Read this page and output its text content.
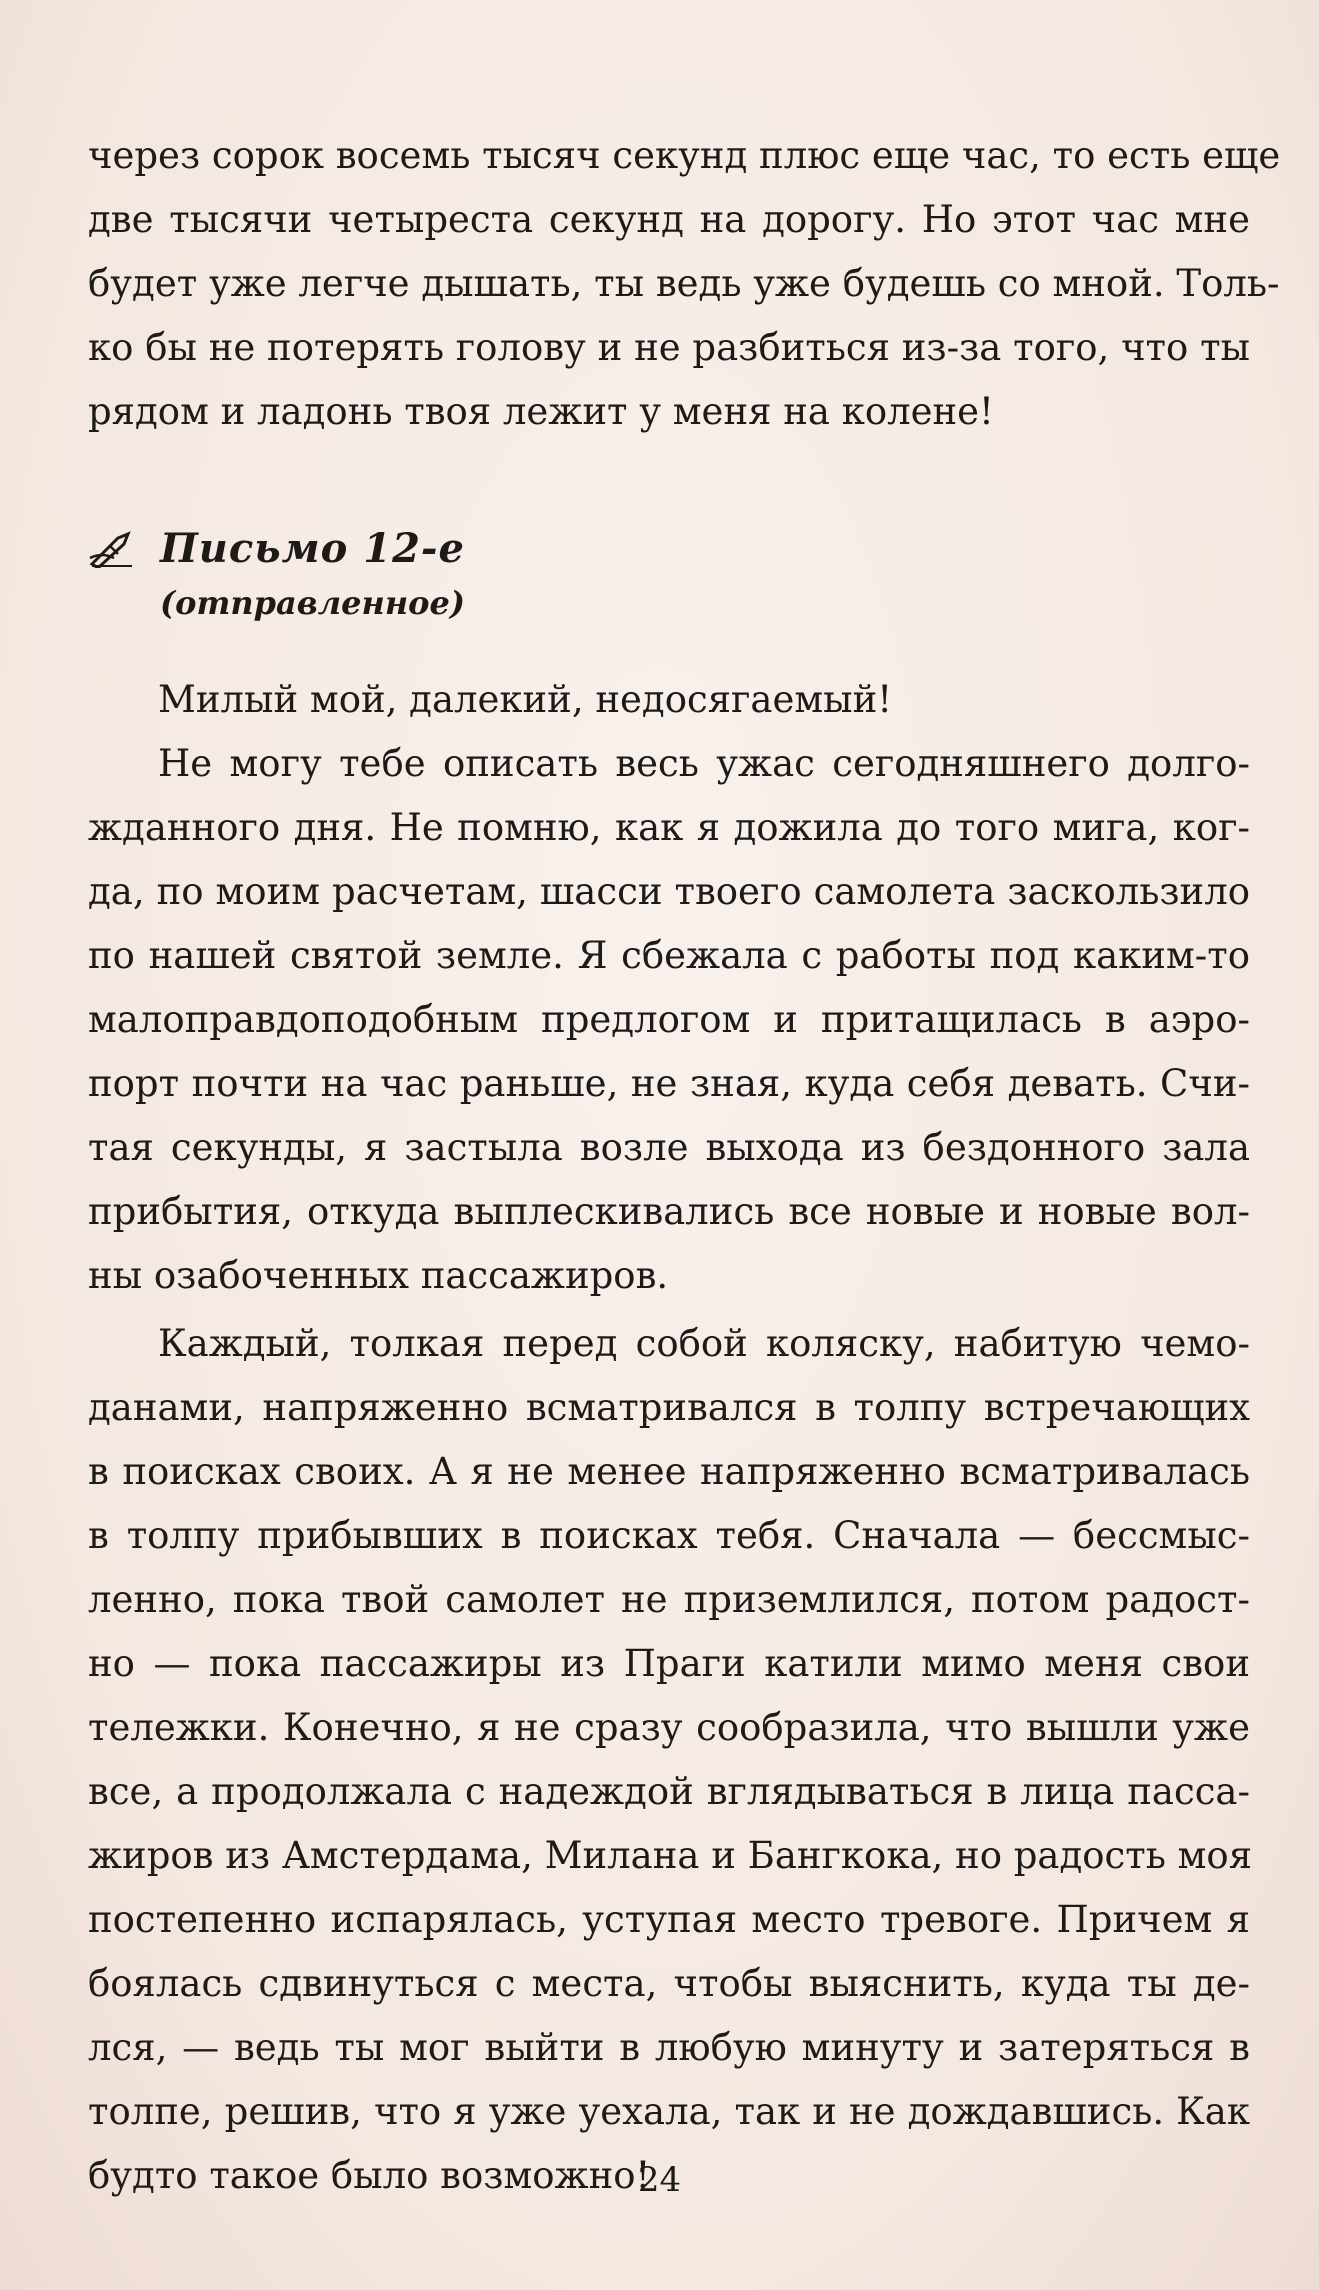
через сорок восемь тысяч секунд плюс еще час, то есть еще
две тысячи четыреста секунд на дорогу. Но этот час мне
будет уже легче дышать, ты ведь уже будешь со мной. Толь-
ко бы не потерять голову и не разбиться из-за того, что ты
рядом и ладонь твоя лежит у меня на колене!
Письмо 12-е
(отправленное)
Милый мой, далекий, недосягаемый!
Не могу тебе описать весь ужас сегодняшнего долго-
жданного дня. Не помню, как я дожила до того мига, ког-
да, по моим расчетам, шасси твоего самолета заскользило
по нашей святой земле. Я сбежала с работы под каким-то
малоправдоподобным предлогом и притащилась в аэро-
порт почти на час раньше, не зная, куда себя девать. Счи-
тая секунды, я застыла возле выхода из бездонного зала
прибытия, откуда выплескивались все новые и новые вол-
ны озабоченных пассажиров.
Каждый, толкая перед собой коляску, набитую чемо-
данами, напряженно всматривался в толпу встречающих
в поисках своих. А я не менее напряженно всматривалась
в толпу прибывших в поисках тебя. Сначала — бессмыс-
ленно, пока твой самолет не приземлился, потом радост-
но — пока пассажиры из Праги катили мимо меня свои
тележки. Конечно, я не сразу сообразила, что вышли уже
все, а продолжала с надеждой вглядываться в лица пасса-
жиров из Амстердама, Милана и Бангкока, но радость моя
постепенно испарялась, уступая место тревоге. Причем я
боялась сдвинуться с места, чтобы выяснить, куда ты де-
лся, — ведь ты мог выйти в любую минуту и затеряться в
толпе, решив, что я уже уехала, так и не дождавшись. Как
будто такое было возможно!
24
